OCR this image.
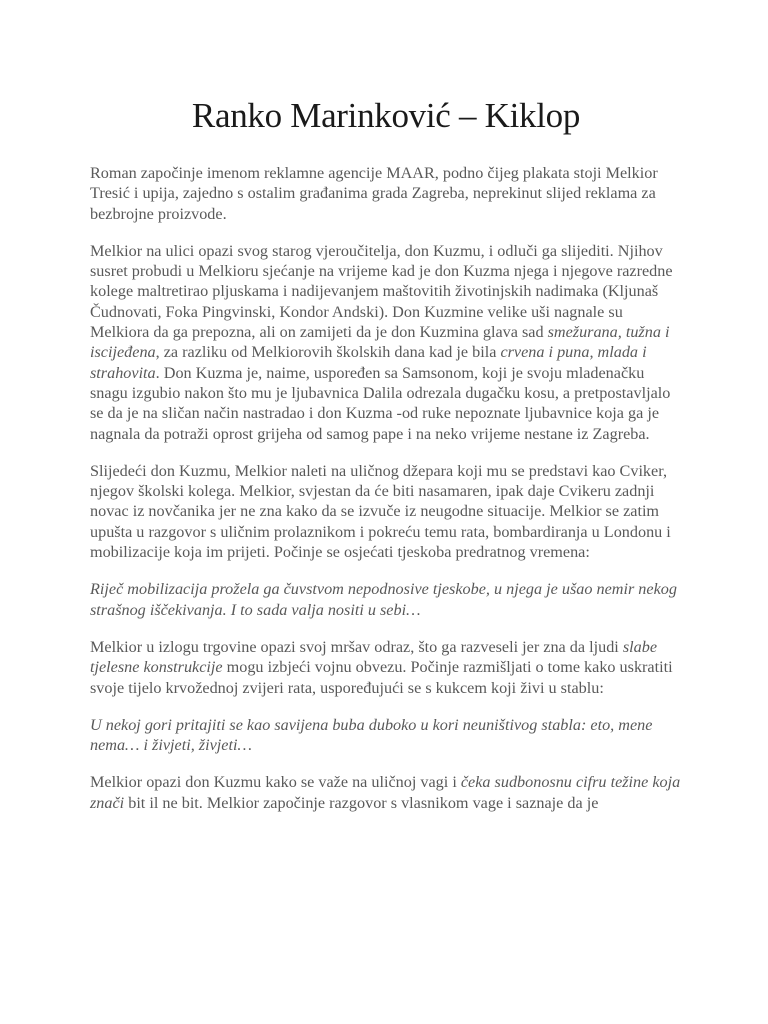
Ranko Marinković – Kiklop

Roman započinje imenom reklamne agencije MAAR, podno čijeg plakata stoji Melkior Tresić i upija, zajedno s ostalim građanima grada Zagreba, neprekinut slijed reklama za bezbrojne proizvode.

Melkior na ulici opazi svog starog vjeroučitelja, don Kuzmu, i odluči ga slijediti. Njihov susret probudi u Melkioru sjećanje na vrijeme kad je don Kuzma njega i njegove razredne kolege maltretirao pljuskama i nadijevanjem maštovitih životinjskih nadimaka (Kljunaš Čudnovati, Foka Pingvinski, Kondor Andski). Don Kuzmine velike uši nagnale su Melkiora da ga prepozna, ali on zamijeti da je don Kuzmina glava sad smežurana, tužna i iscijeđena, za razliku od Melkiorovih školskih dana kad je bila crvena i puna, mlada i strahovita. Don Kuzma je, naime, uspoređen sa Samsonom, koji je svoju mladenačku snagu izgubio nakon što mu je ljubavnica Dalila odrezala dugačku kosu, a pretpostavljalo se da je na sličan način nastradao i don Kuzma -od ruke nepoznate ljubavnice koja ga je nagnala da potraži oprost grijeha od samog pape i na neko vrijeme nestane iz Zagreba.

Slijedeći don Kuzmu, Melkior naleti na uličnog džepara koji mu se predstavi kao Cviker, njegov školski kolega. Melkior, svjestan da će biti nasamaren, ipak daje Cvikeru zadnji novac iz novčanika jer ne zna kako da se izvuče iz neugodne situacije. Melkior se zatim upušta u razgovor s uličnim prolaznikom i pokreću temu rata, bombardiranja u Londonu i mobilizacije koja im prijeti. Počinje se osjećati tjeskoba predratnog vremena:

Riječ mobilizacija prožela ga čuvstvom nepodnosive tjeskobe, u njega je ušao nemir nekog strašnog iščekivanja. I to sada valja nositi u sebi…

Melkior u izlogu trgovine opazi svoj mršav odraz, što ga razveseli jer zna da ljudi slabe tjelesne konstrukcije mogu izbjeći vojnu obvezu. Počinje razmišljati o tome kako uskratiti svoje tijelo krvožednoj zvijeri rata, uspoređujući se s kukcem koji živi u stablu:

U nekoj gori pritajiti se kao savijena buba duboko u kori neuništivog stabla: eto, mene nema… i živjeti, živjeti…

Melkior opazi don Kuzmu kako se važe na uličnoj vagi i čeka sudbonosnu cifru težine koja znači bit il ne bit. Melkior započinje razgovor s vlasnikom vage i saznaje da je
